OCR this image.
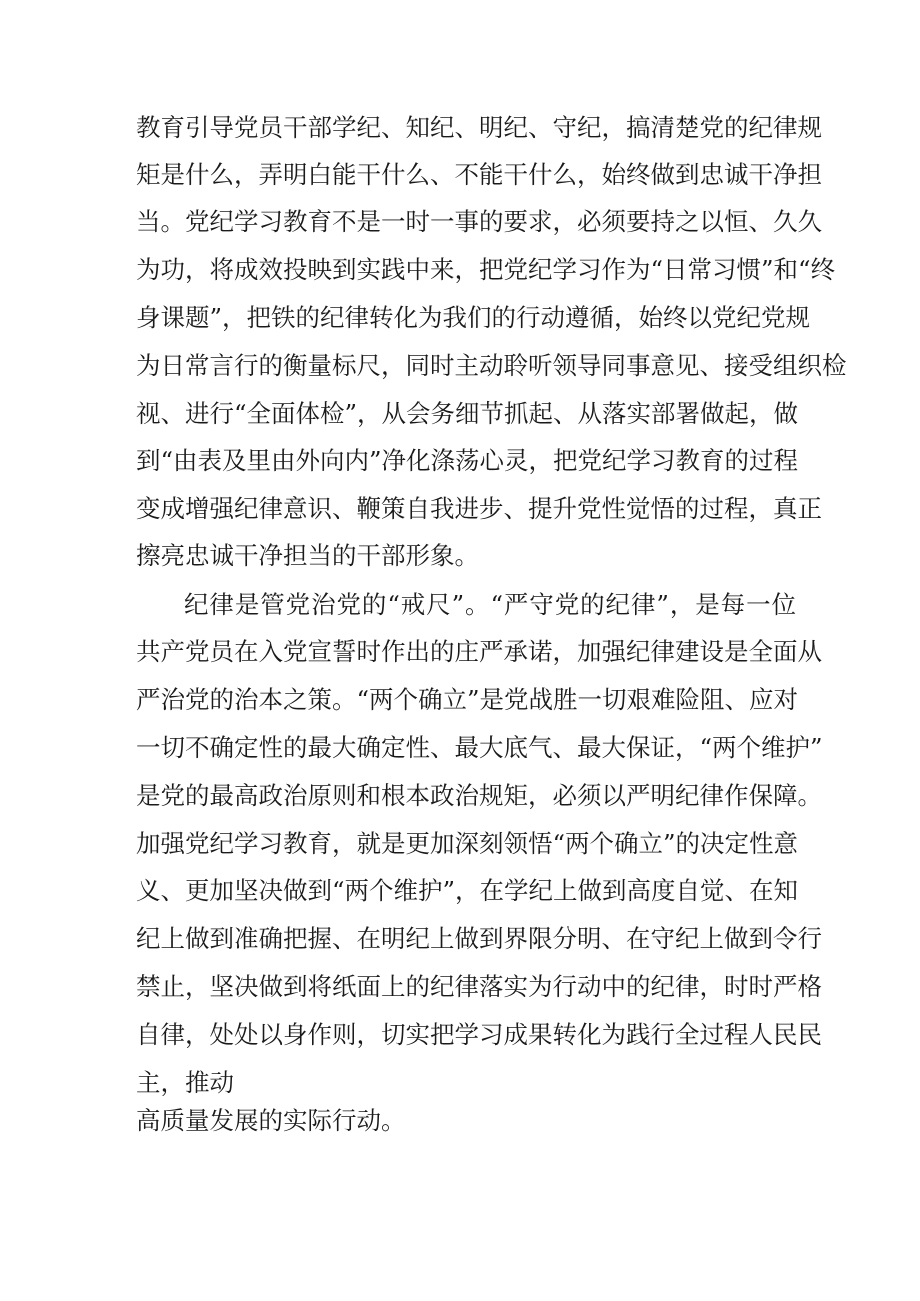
教育引导党员干部学纪、知纪、明纪、守纪，搞清楚党的纪律规
矩是什么，弄明白能干什么、不能干什么，始终做到忠诚干净担
当。党纪学习教育不是一时一事的要求，必须要持之以恒、久久
为功，将成效投映到实践中来，把党纪学习作为“日常习惯”和“终
身课题”，把铁的纪律转化为我们的行动遵循，始终以党纪党规
为日常言行的衡量标尺，同时主动聆听领导同事意见、接受组织检
视、进行“全面体检”，从会务细节抓起、从落实部署做起，做
到“由表及里由外向内”净化涤荡心灵，把党纪学习教育的过程
变成增强纪律意识、鞭策自我进步、提升党性觉悟的过程，真正
擦亮忠诚干净担当的干部形象。
纪律是管党治党的“戒尺”。“严守党的纪律”，是每一位
共产党员在入党宣誓时作出的庄严承诺，加强纪律建设是全面从
严治党的治本之策。“两个确立”是党战胜一切艰难险阻、应对
一切不确定性的最大确定性、最大底气、最大保证，“两个维护”
是党的最高政治原则和根本政治规矩，必须以严明纪律作保障。
加强党纪学习教育，就是更加深刻领悟“两个确立”的决定性意
义、更加坚决做到“两个维护”，在学纪上做到高度自觉、在知
纪上做到准确把握、在明纪上做到界限分明、在守纪上做到令行
禁止，坚决做到将纸面上的纪律落实为行动中的纪律，时时严格
自律，处处以身作则，切实把学习成果转化为践行全过程人民民
主，推动
高质量发展的实际行动。
